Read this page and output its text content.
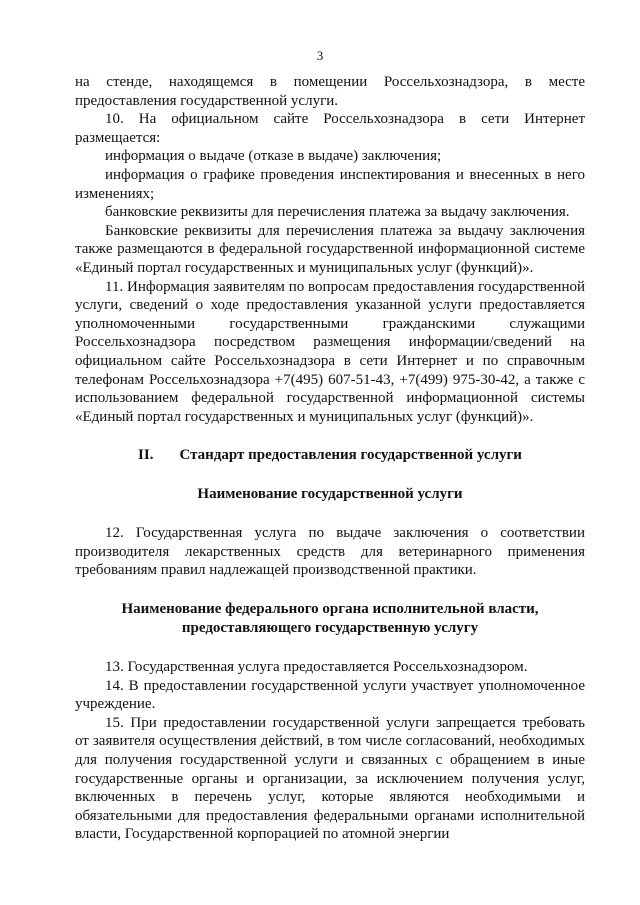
3

на стенде, находящемся в помещении Россельхознадзора, в месте предоставления государственной услуги.

10. На официальном сайте Россельхознадзора в сети Интернет размещается:

информация о выдаче (отказе в выдаче) заключения;

информация о графике проведения инспектирования и внесенных в него изменениях;

банковские реквизиты для перечисления платежа за выдачу заключения.

Банковские реквизиты для перечисления платежа за выдачу заключения также размещаются в федеральной государственной информационной системе «Единый портал государственных и муниципальных услуг (функций)».

11. Информация заявителям по вопросам предоставления государственной услуги, сведений о ходе предоставления указанной услуги предоставляется уполномоченными государственными гражданскими служащими Россельхознадзора посредством размещения информации/сведений на официальном сайте Россельхознадзора в сети Интернет и по справочным телефонам Россельхознадзора +7(495) 607-51-43, +7(499) 975-30-42, а также с использованием федеральной государственной информационной системы «Единый портал государственных и муниципальных услуг (функций)».

II. Стандарт предоставления государственной услуги

Наименование государственной услуги

12. Государственная услуга по выдаче заключения о соответствии производителя лекарственных средств для ветеринарного применения требованиям правил надлежащей производственной практики.

Наименование федерального органа исполнительной власти,

предоставляющего государственную услугу

13. Государственная услуга предоставляется Россельхознадзором.

14. В предоставлении государственной услуги участвует уполномоченное учреждение.

15. При предоставлении государственной услуги запрещается требовать от заявителя осуществления действий, в том числе согласований, необходимых для получения государственной услуги и связанных с обращением в иные государственные органы и организации, за исключением получения услуг, включенных в перечень услуг, которые являются необходимыми и обязательными для предоставления федеральными органами исполнительной власти, Государственной корпорацией по атомной энергии
